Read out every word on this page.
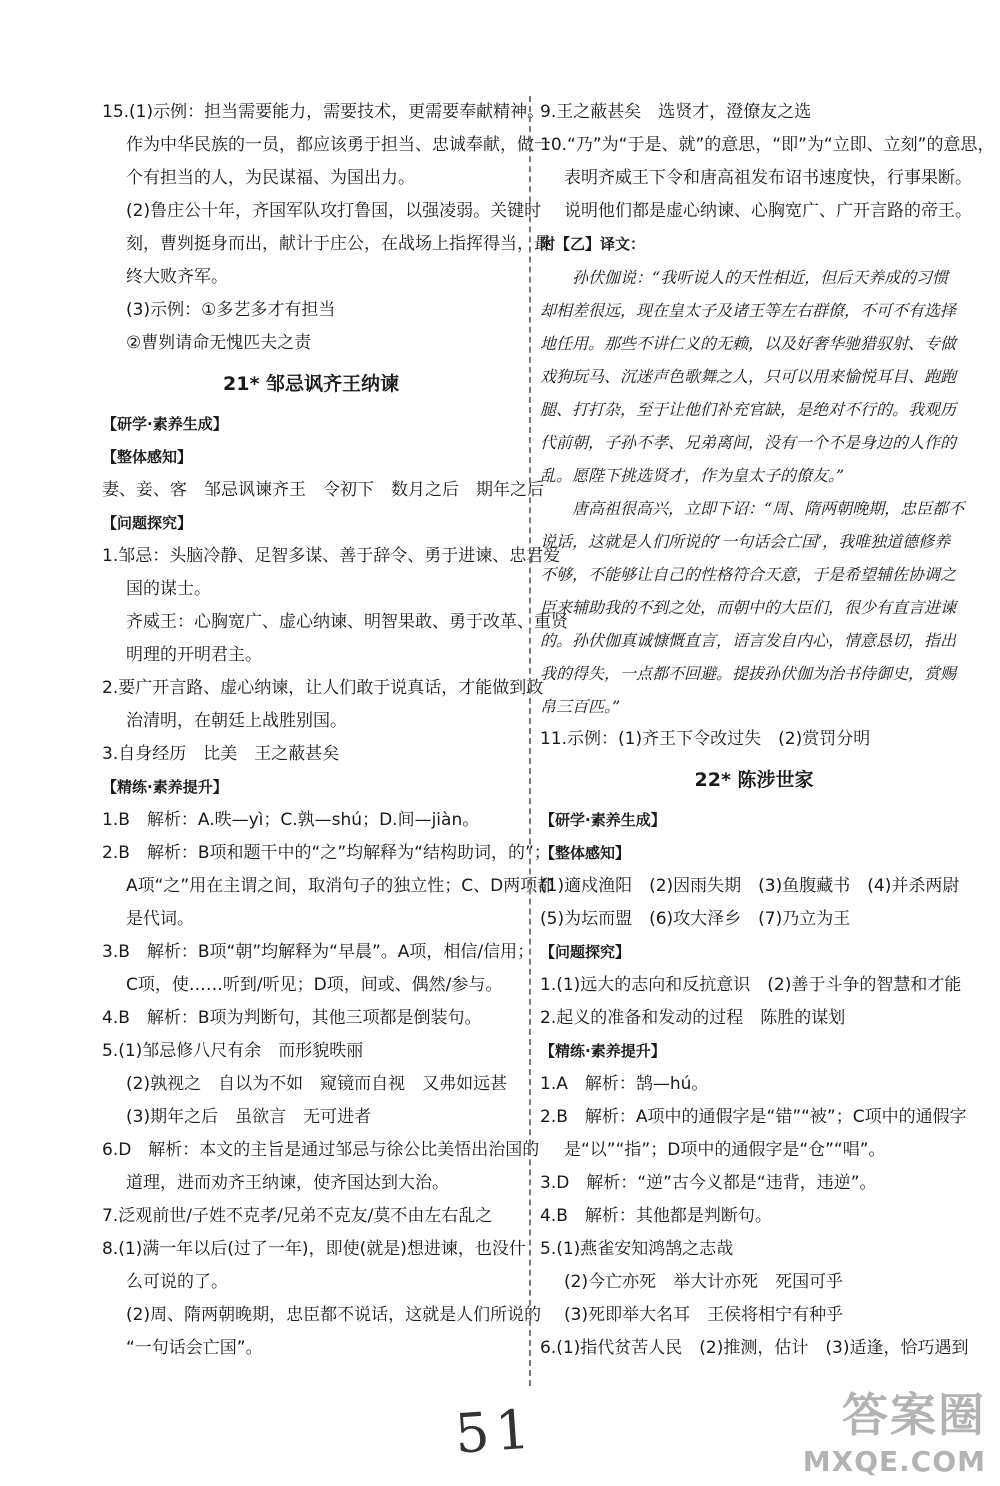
15.(1)示例：担当需要能力，需要技术，更需要奉献精神。
作为中华民族的一员，都应该勇于担当、忠诚奉献，做一
个有担当的人，为民谋福、为国出力。
(2)鲁庄公十年，齐国军队攻打鲁国，以强凌弱。关键时
刻，曹刿挺身而出，献计于庄公，在战场上指挥得当，最
终大败齐军。
(3)示例：①多艺多才有担当
②曹刿请命无愧匹夫之责
21* 邹忌讽齐王纳谏
【研学·素养生成】
【整体感知】
妻、妾、客　邹忌讽谏齐王　令初下　数月之后　期年之后
【问题探究】
1.邹忌：头脑冷静、足智多谋、善于辞令、勇于进谏、忠君爱
国的谋士。
齐威王：心胸宽广、虚心纳谏、明智果敢、勇于改革、重贤
明理的开明君主。
2.要广开言路、虚心纳谏，让人们敢于说真话，才能做到政
治清明，在朝廷上战胜别国。
3.自身经历　比美　王之蔽甚矣
【精练·素养提升】
1.B　解析：A.昳—yì；C.孰—shú；D.间—jiàn。
2.B　解析：B项和题干中的“之”均解释为“结构助词，的”；
A项“之”用在主谓之间，取消句子的独立性；C、D两项都
是代词。
3.B　解析：B项“朝”均解释为“早晨”。A项，相信/信用；
C项，使……听到/听见；D项，间或、偶然/参与。
4.B　解析：B项为判断句，其他三项都是倒装句。
5.(1)邹忌修八尺有余　而形貌昳丽
(2)孰视之　自以为不如　窥镜而自视　又弗如远甚
(3)期年之后　虽欲言　无可进者
6.D　解析：本文的主旨是通过邹忌与徐公比美悟出治国的
道理，进而劝齐王纳谏，使齐国达到大治。
7.泛观前世/子姓不克孝/兄弟不克友/莫不由左右乱之
8.(1)满一年以后(过了一年)，即使(就是)想进谏，也没什
么可说的了。
(2)周、隋两朝晚期，忠臣都不说话，这就是人们所说的
“一句话会亡国”。
9.王之蔽甚矣　选贤才，澄僚友之选
10.“乃”为“于是、就”的意思，“即”为“立即、立刻”的意思，
表明齐威王下令和唐高祖发布诏书速度快，行事果断。
说明他们都是虚心纳谏、心胸宽广、广开言路的帝王。
附【乙】译文：
孙伏伽说：“我听说人的天性相近，但后天养成的习惯
却相差很远，现在皇太子及诸王等左右群僚，不可不有选择
地任用。那些不讲仁义的无赖，以及好奢华驰猎驭射、专做
戏狗玩马、沉迷声色歌舞之人，只可以用来愉悦耳目、跑跑
腿、打打杂，至于让他们补充官缺，是绝对不行的。我观历
代前朝，子孙不孝、兄弟离间，没有一个不是身边的人作的
乱。愿陛下挑选贤才，作为皇太子的僚友。”
唐高祖很高兴，立即下诏：“周、隋两朝晚期，忠臣都不
说话，这就是人们所说的‘一句话会亡国’，我唯独道德修养
不够，不能够让自己的性格符合天意，于是希望辅佐协调之
臣来辅助我的不到之处，而朝中的大臣们，很少有直言进谏
的。孙伏伽真诚慷慨直言，语言发自内心，情意恳切，指出
我的得失，一点都不回避。提拔孙伏伽为治书侍御史，赏赐
帛三百匹。”
11.示例：(1)齐王下令改过失　(2)赏罚分明
22* 陈涉世家
【研学·素养生成】
【整体感知】
(1)適戍渔阳　(2)因雨失期　(3)鱼腹藏书　(4)并杀两尉
(5)为坛而盟　(6)攻大泽乡　(7)乃立为王
【问题探究】
1.(1)远大的志向和反抗意识　(2)善于斗争的智慧和才能
2.起义的准备和发动的过程　陈胜的谋划
【精练·素养提升】
1.A　解析：鹄—hú。
2.B　解析：A项中的通假字是“错”“被”；C项中的通假字
是“以”“指”；D项中的通假字是“仓”“唱”。
3.D　解析：“逆”古今义都是“违背，违逆”。
4.B　解析：其他都是判断句。
5.(1)燕雀安知鸿鹄之志哉
(2)今亡亦死　举大计亦死　死国可乎
(3)死即举大名耳　王侯将相宁有种乎
6.(1)指代贫苦人民　(2)推测，估计　(3)适逢，恰巧遇到
51	答案圈
MXQE.COM
